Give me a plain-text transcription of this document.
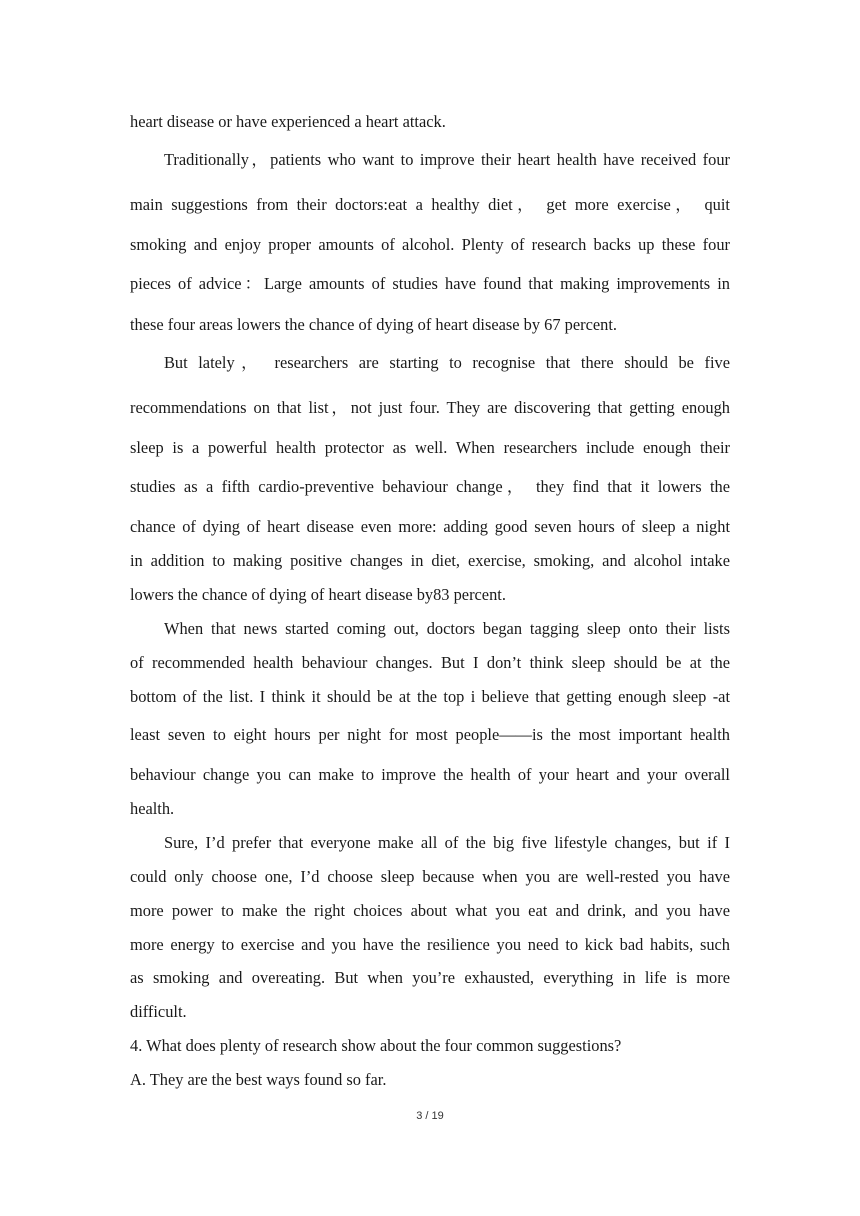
heart disease or have experienced a heart attack.
Traditionally，patients who want to improve their heart health have received four
main suggestions from their doctors:eat a healthy diet， get more exercise， quit
smoking and enjoy proper amounts of alcohol. Plenty of research backs up these four
pieces of advice：Large amounts of studies have found that making improvements in
these four areas lowers the chance of dying of heart disease by 67 percent.
But lately， researchers are starting to recognise that there should be five
recommendations on that list，not just four. They are discovering that getting enough
sleep is a powerful health protector as well. When researchers include enough their
studies as a fifth cardio-preventive behaviour change， they find that it lowers the
chance of dying of heart disease even more: adding good seven hours of sleep a night
in addition to making positive changes in diet, exercise, smoking, and alcohol intake
lowers the chance of dying of heart disease by83 percent.
When that news started coming out, doctors began tagging sleep onto their lists
of recommended health behaviour changes. But I don’t think sleep should be at the
bottom of the list. I think it should be at the top i believe that getting enough sleep -at
least seven to eight hours per night for most people——is the most important health
behaviour change you can make to improve the health of your heart and your overall
health.
Sure, I’d prefer that everyone make all of the big five lifestyle changes, but if I
could only choose one, I’d choose sleep because when you are well-rested you have
more power to make the right choices about what you eat and drink, and you have
more energy to exercise and you have the resilience you need to kick bad habits, such
as smoking and overeating. But when you’re exhausted, everything in life is more
difficult.
4. What does plenty of research show about the four common suggestions?
A. They are the best ways found so far.
3 / 19
